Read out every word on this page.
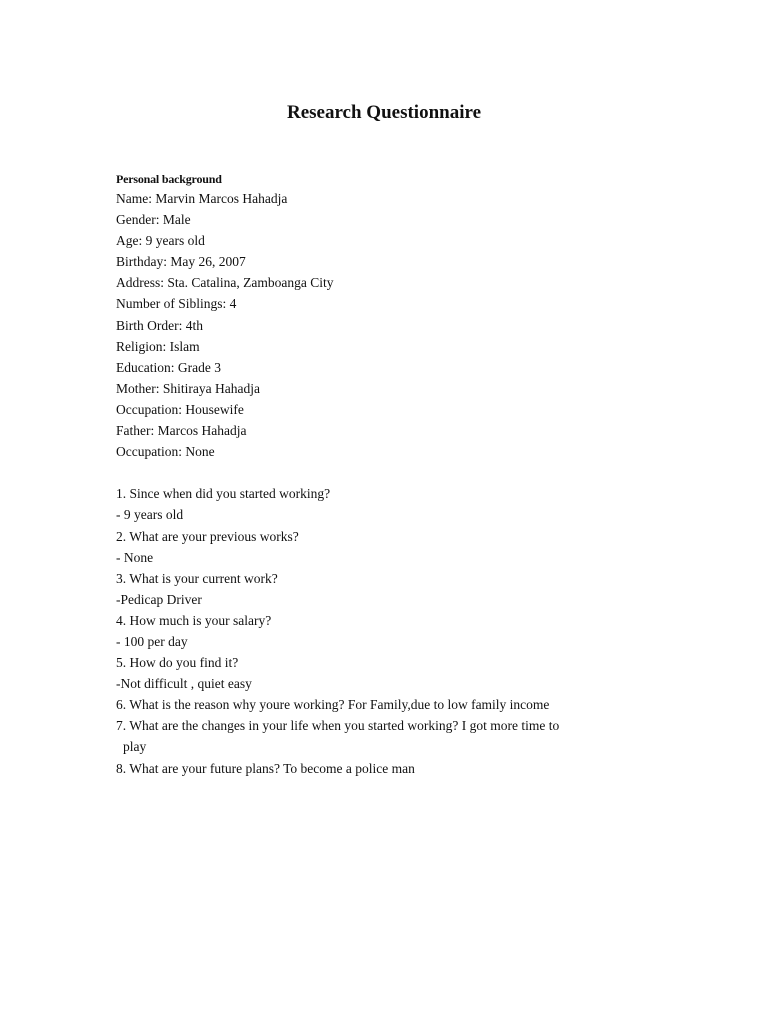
Research Questionnaire
Personal background
Name: Marvin Marcos Hahadja
Gender: Male
Age: 9 years old
Birthday: May 26, 2007
Address: Sta. Catalina, Zamboanga City
Number of Siblings: 4
Birth Order: 4th
Religion: Islam
Education: Grade 3
Mother: Shitiraya Hahadja
Occupation: Housewife
Father: Marcos Hahadja
Occupation: None
1. Since when did you started working?
- 9 years old
2. What are your previous works?
- None
3. What is your current work?
-Pedicap Driver
4. How much is your salary?
- 100 per day
5. How do you find it?
-Not difficult , quiet easy
6. What is the reason why youre working? For Family,due to low family income
7. What are the changes in your life when you started working? I got more time to
play
8. What are your future plans? To become a police man
